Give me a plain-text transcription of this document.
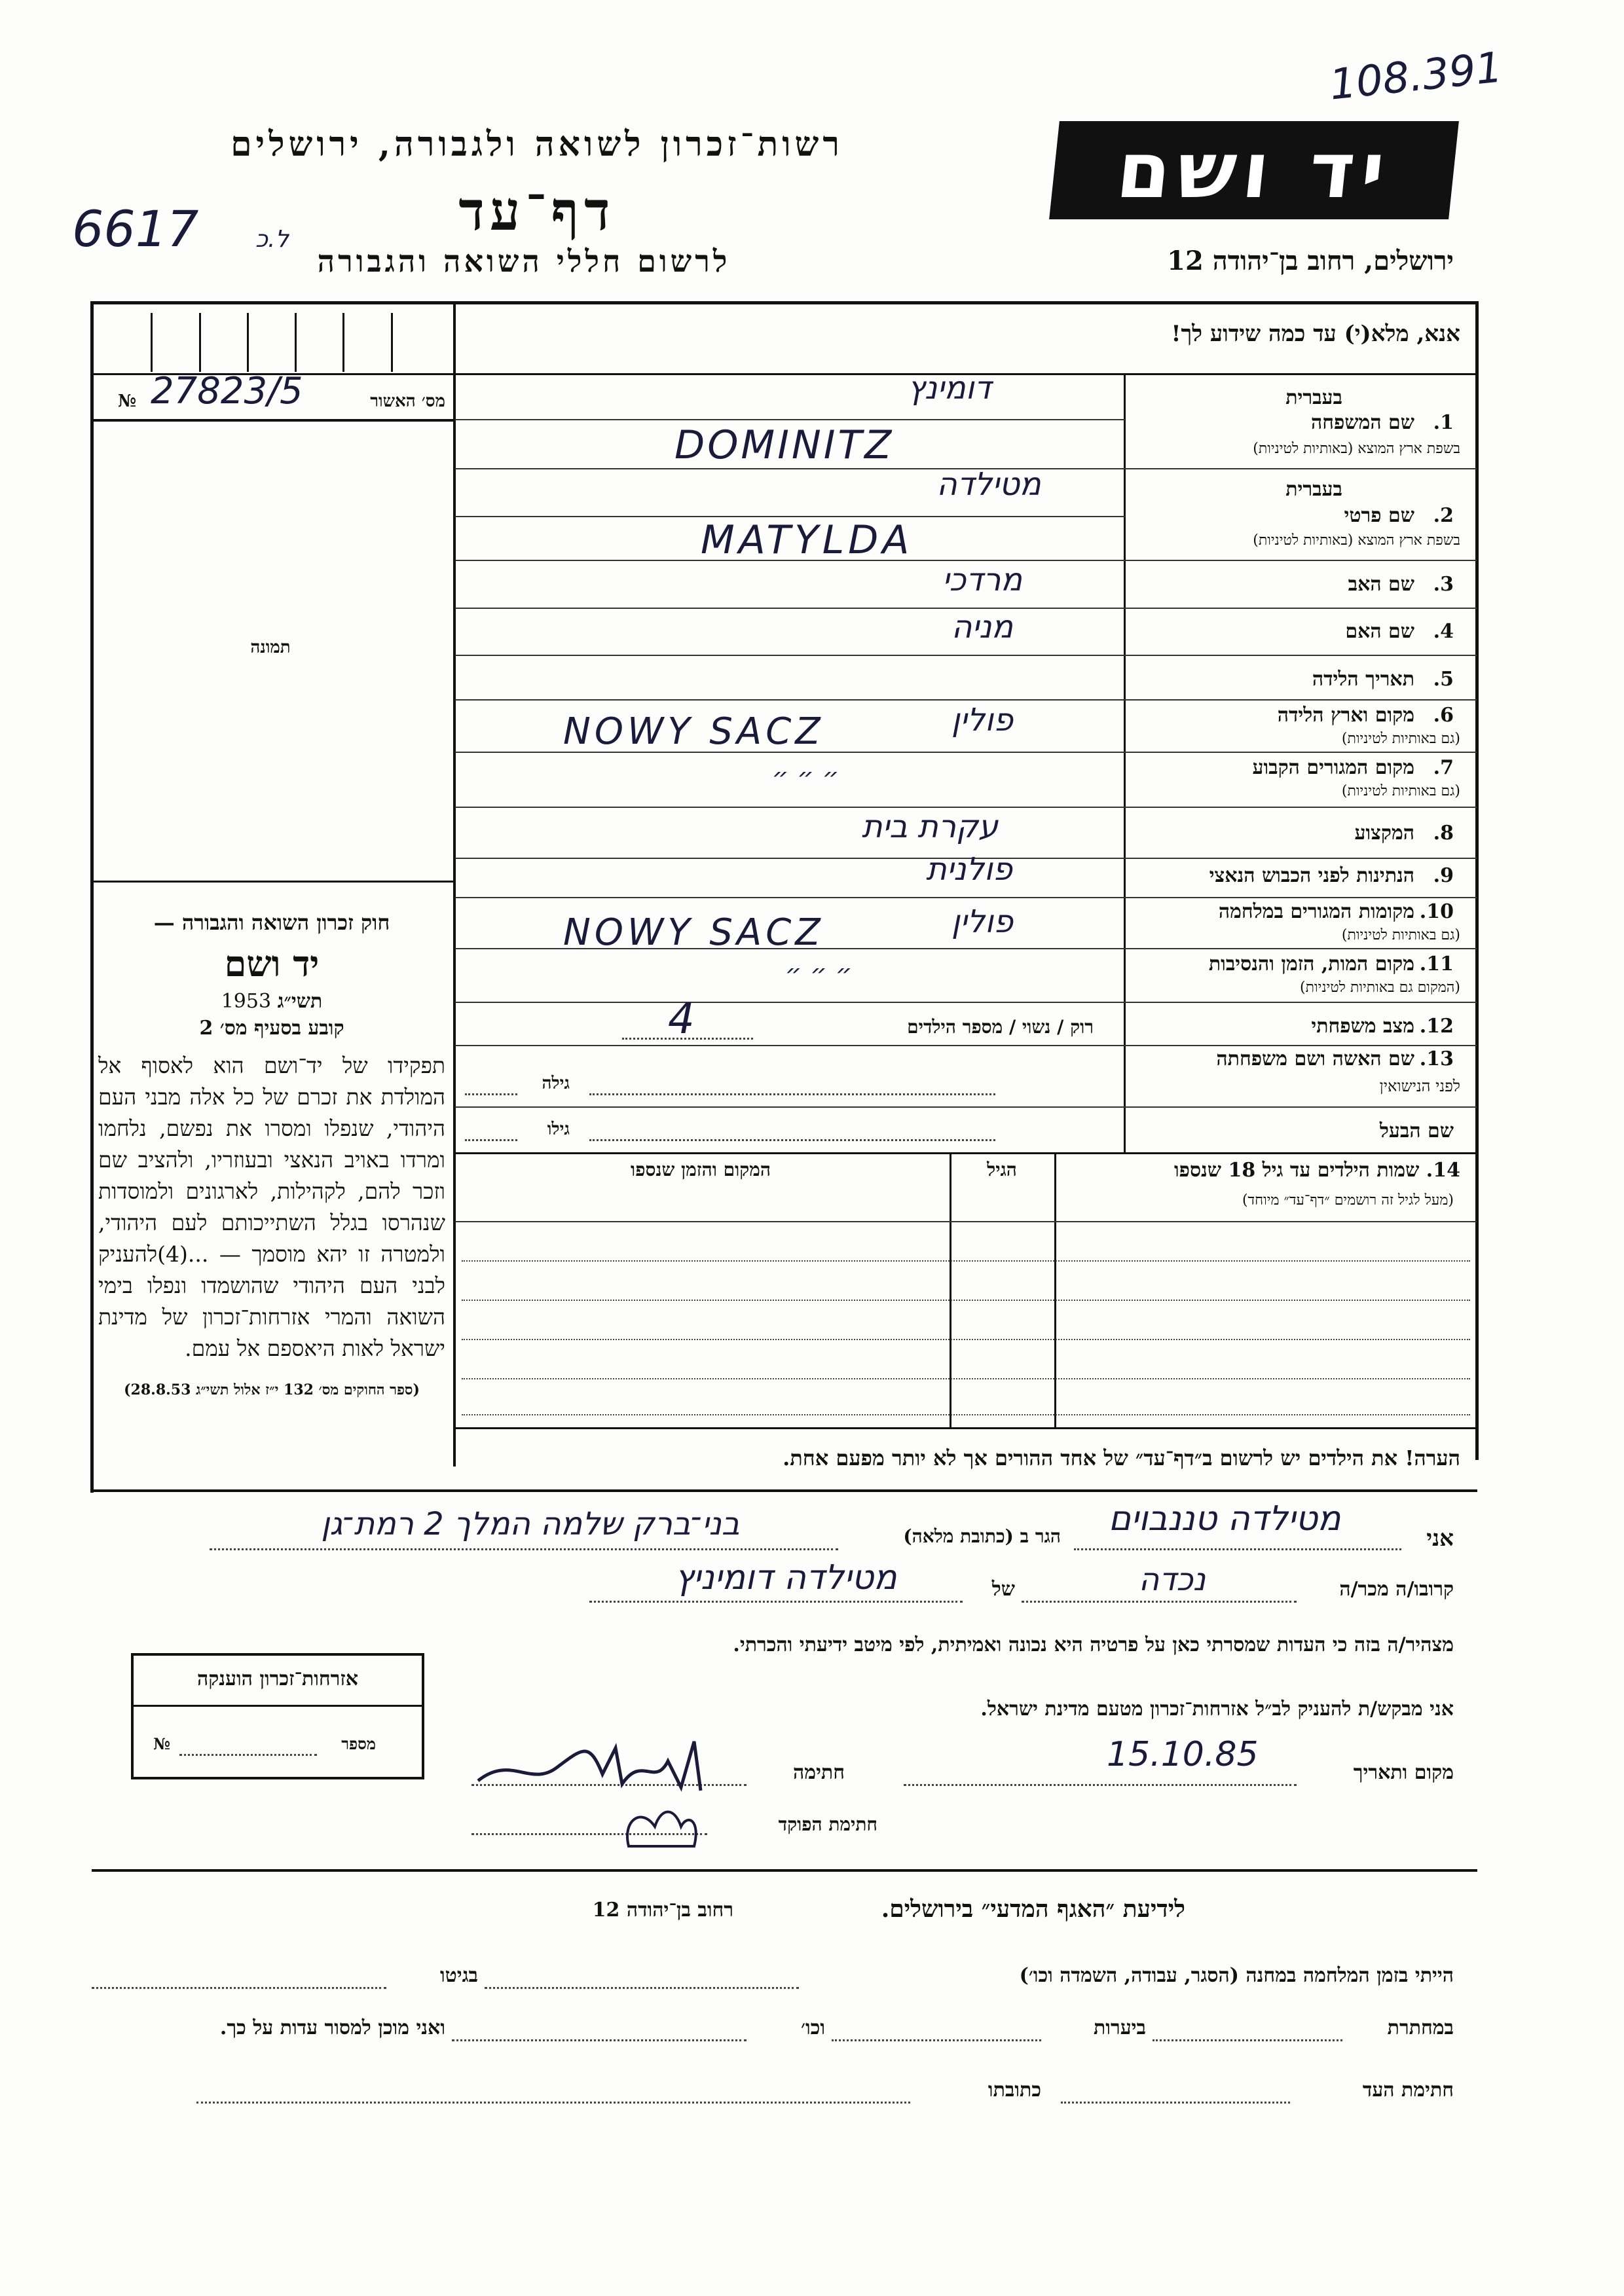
108.391
רשות־זכרון לשואה ולגבורה, ירושלים
דף־עד
6617 ל.כ
לרשום חללי השואה והגבורה
יד ושם
ירושלים, רחוב בן־יהודה 12
אנא, מלא(י) עד כמה שידוע לך!
№ 27823/5	מס׳ האשור
תמונה
חוק זכרון השואה והגבורה —
יד ושם
תשי״ג 1953
קובע בסעיף מס׳ 2
תפקידו של יד־ושם הוא לאסוף אל המולדת את זכרם של כל אלה מבני העם היהודי, שנפלו ומסרו את נפשם, נלחמו ומרדו באויב הנאצי ובעוזריו, ולהציב שם וזכר להם, לקהילות, לארגונים ולמוסדות שנהרסו בגלל השתייכותם לעם היהודי, ולמטרה זו יהא מוסמך — ...(4)להעניק לבני העם היהודי שהושמדו ונפלו בימי השואה והמרי אזרחות־זכרון של מדינת ישראל לאות היאספם אל עמם.
(ספר החוקים מס׳ 132 י״ז אלול תשי״ג 28.8.53)
בעברית
1.
שם המשפחה
בשפת ארץ המוצא (באותיות לטיניות)
דומינץ
DOMINITZ
בעברית
2.
שם פרטי
בשפת ארץ המוצא (באותיות לטיניות)
מטילדה
MATYLDA
3.
שם האב
מרדכי
4.
שם האם
מניה
5.
תאריך הלידה
6.
מקום וארץ הלידה
(גם באותיות לטיניות)
פולין
NOWY SACZ
7.
מקום המגורים הקבוע
(גם באותיות לטיניות)
״ ״ ״
8.
המקצוע
עקרת בית
9.
הנתינות לפני הכבוש הנאצי
פולנית
10.
מקומות המגורים במלחמה
(גם באותיות לטיניות)
פולין
NOWY SACZ
11.
מקום המות, הזמן והנסיבות
(המקום גם באותיות לטיניות)
״ ״ ״
12.
מצב משפחתי
רוק / נשוי / מספר הילדים
4
13.
שם האשה ושם משפחתה
לפני הנישואין
גילה
שם הבעל
גילו
14. שמות הילדים עד גיל 18 שנספו
(מעל לגיל זה רושמים ״דף־עד״ מיוחד)
הגיל
המקום והזמן שנספו
הערה! את הילדים יש לרשום ב״דף־עד״ של אחד ההורים אך לא יותר מפעם אחת.
אני
מטילדה טננבוים
הגר ב (כתובת מלאה)
בני־ברק שלמה המלך 2 רמת־גן
קרובו/ה מכר/ה
נכדה
של
מטילדה דומיניץ
מצהיר/ה בזה כי העדות שמסרתי כאן על פרטיה היא נכונה ואמיתית, לפי מיטב ידיעתי והכרתי.
אני מבקש/ת להעניק לב״ל אזרחות־זכרון מטעם מדינת ישראל.
מקום ותאריך
15.10.85
חתימה
חתימת הפוקד
אזרחות־זכרון הוענקה
מספר
№
לידיעת ״האגף המדעי״ בירושלים.
רחוב בן־יהודה 12
הייתי בזמן המלחמה במחנה (הסגר, עבודה, השמדה וכו׳)
בגיטו
במחתרת
ביערות
וכו׳
ואני מוכן למסור עדות על כך.
חתימת העד
כתובתו
